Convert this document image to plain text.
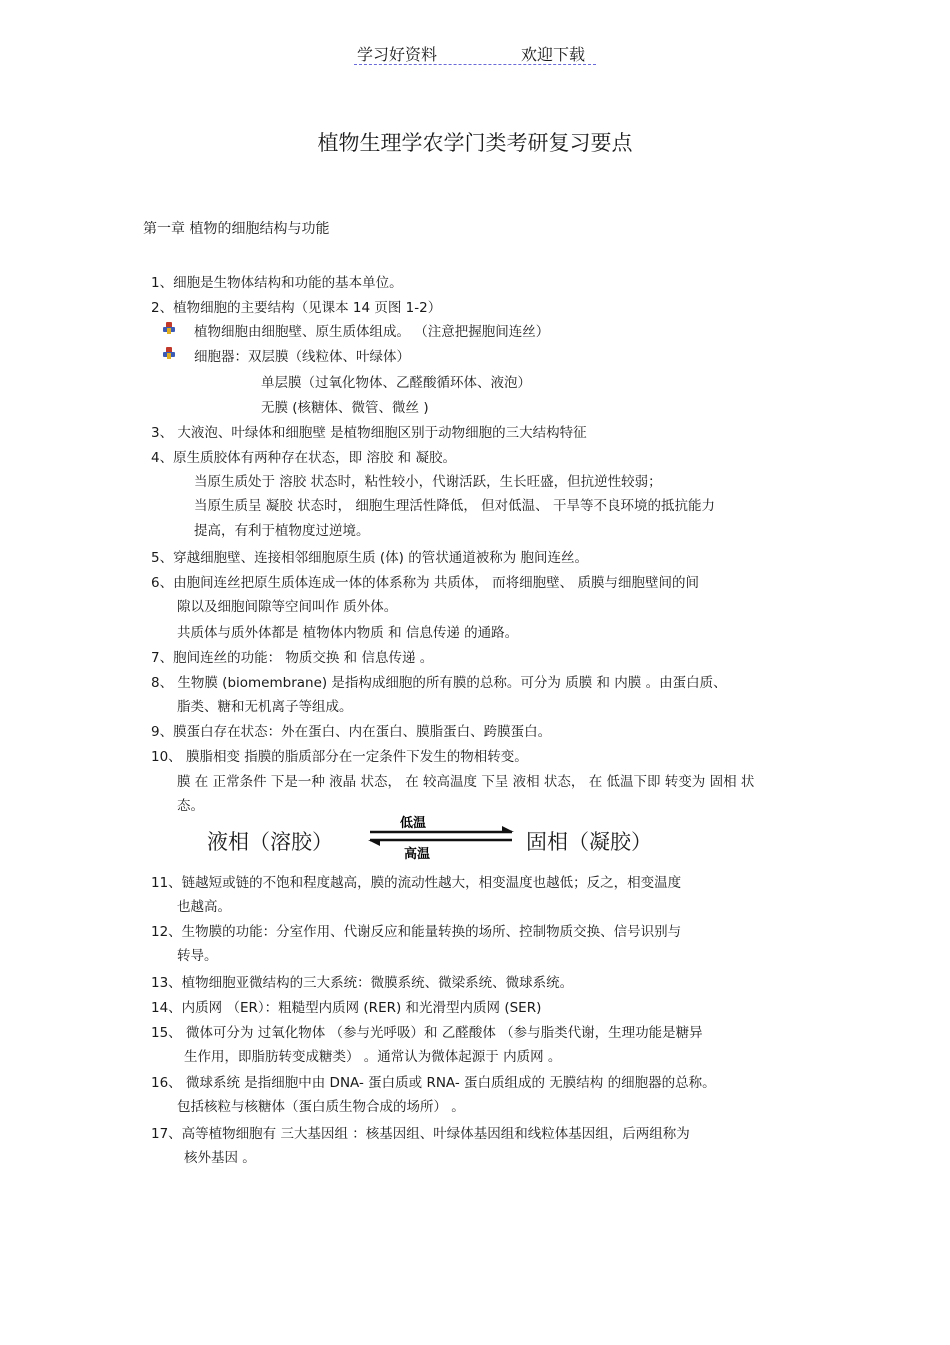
学习好资料	欢迎下载
植物生理学农学门类考研复习要点
第一章 植物的细胞结构与功能
1、细胞是生物体结构和功能的基本单位。
2、植物细胞的主要结构（见课本 14 页图 1-2）
植物细胞由细胞壁、原生质体组成。 （注意把握胞间连丝）
细胞器：双层膜（线粒体、叶绿体）
单层膜（过氧化物体、乙醛酸循环体、液泡）
无膜 (核糖体、微管、微丝 )
3、 大液泡、叶绿体和细胞壁 是植物细胞区别于动物细胞的三大结构特征
4、原生质胶体有两种存在状态，即 溶胶 和 凝胶。
当原生质处于 溶胶 状态时，粘性较小，代谢活跃，生长旺盛，但抗逆性较弱；
当原生质呈 凝胶 状态时， 细胞生理活性降低， 但对低温、 干旱等不良环境的抵抗能力
提高，有利于植物度过逆境。
5、穿越细胞壁、连接相邻细胞原生质 (体) 的管状通道被称为 胞间连丝。
6、由胞间连丝把原生质体连成一体的体系称为 共质体， 而将细胞壁、 质膜与细胞壁间的间
隙以及细胞间隙等空间叫作 质外体。
共质体与质外体都是 植物体内物质 和 信息传递 的通路。
7、胞间连丝的功能： 物质交换 和 信息传递 。
8、 生物膜 (biomembrane) 是指构成细胞的所有膜的总称。可分为 质膜 和 内膜 。由蛋白质、
脂类、糖和无机离子等组成。
9、膜蛋白存在状态：外在蛋白、内在蛋白、膜脂蛋白、跨膜蛋白。
10、 膜脂相变 指膜的脂质部分在一定条件下发生的物相转变。
膜 在 正常条件 下是一种 液晶 状态， 在 较高温度 下呈 液相 状态， 在 低温下即 转变为 固相 状
态。
11、链越短或链的不饱和程度越高，膜的流动性越大，相变温度也越低；反之，相变温度
也越高。
12、生物膜的功能：分室作用、代谢反应和能量转换的场所、控制物质交换、信号识别与
转导。
13、植物细胞亚微结构的三大系统：微膜系统、微梁系统、微球系统。
14、内质网 （ER）：粗糙型内质网 (RER) 和光滑型内质网 (SER)
15、 微体可分为 过氧化物体 （参与光呼吸）和 乙醛酸体 （参与脂类代谢，生理功能是糖异
生作用，即脂肪转变成糖类） 。通常认为微体起源于 内质网 。
16、 微球系统 是指细胞中由 DNA- 蛋白质或 RNA- 蛋白质组成的 无膜结构 的细胞器的总称。
包括核粒与核糖体（蛋白质生物合成的场所） 。
17、高等植物细胞有 三大基因组 ：核基因组、叶绿体基因组和线粒体基因组，后两组称为
核外基因 。
液相（溶胶）
低温
高温
固相（凝胶）
